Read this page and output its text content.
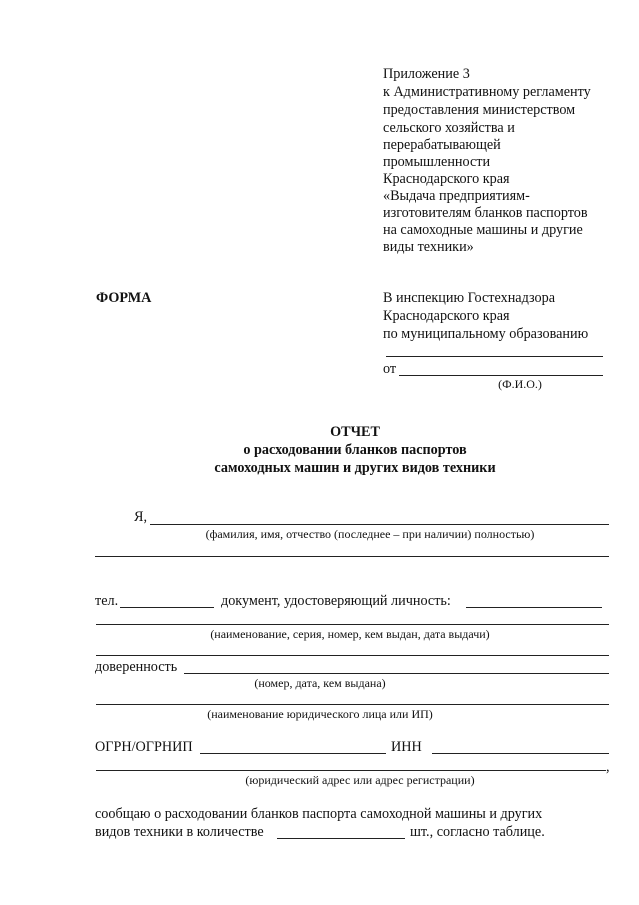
Приложение 3
к Административному регламенту
предоставления министерством
сельского хозяйства и
перерабатывающей
промышленности
Краснодарского края
«Выдача предприятиям-
изготовителям бланков паспортов
на самоходные машины и другие
виды техники»
ФОРМА	В инспекцию Гостехнадзора
Краснодарского края
по муниципальному образованию
от
(Ф.И.О.)
ОТЧЕТ
о расходовании бланков паспортов
самоходных машин и других видов техники
Я,
(фамилия, имя, отчество (последнее – при наличии) полностью)
тел.	документ, удостоверяющий личность:
(наименование, серия, номер, кем выдан, дата выдачи)
доверенность
(номер, дата, кем выдана)
(наименование юридического лица или ИП)
ОГРН/ОГРНИП	ИНН
,
(юридический адрес или адрес регистрации)
сообщаю о расходовании бланков паспорта самоходной машины и других
видов техники в количестве	шт., согласно таблице.
